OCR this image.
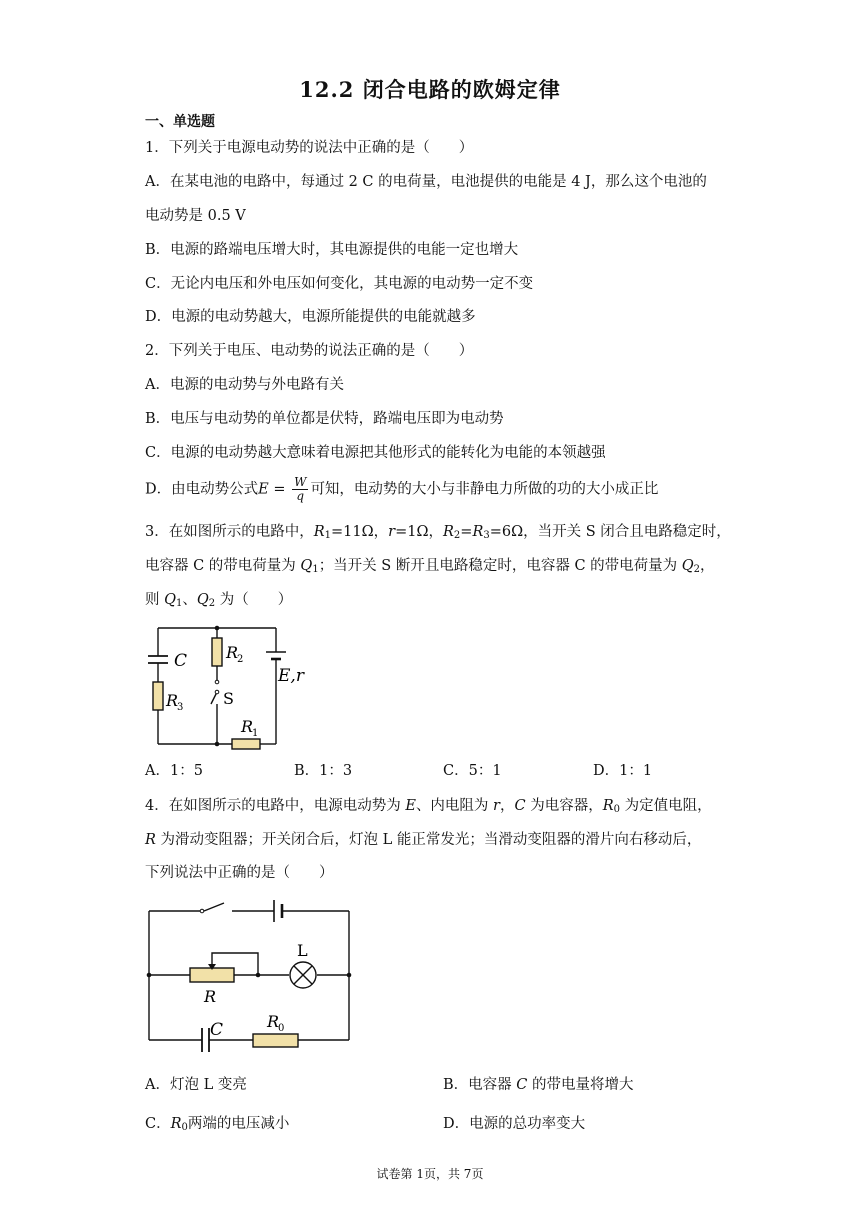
12.2 闭合电路的欧姆定律
一、单选题
1．下列关于电源电动势的说法中正确的是（　　）
A．在某电池的电路中，每通过 2 C 的电荷量，电池提供的电能是 4 J，那么这个电池的
电动势是 0.5 V
B．电源的路端电压增大时，其电源提供的电能一定也增大
C．无论内电压和外电压如何变化，其电源的电动势一定不变
D．电源的电动势越大，电源所能提供的电能就越多
2．下列关于电压、电动势的说法正确的是（　　）
A．电源的电动势与外电路有关
B．电压与电动势的单位都是伏特，路端电压即为电动势
C．电源的电动势越大意味着电源把其他形式的能转化为电能的本领越强
D．由电动势公式$E = \frac{W}{q}$ 可知，电动势的大小与非静电力所做的功的大小成正比
3．在如图所示的电路中，$R_1=11\Omega$，r=1Ω，$R_2=R_3=6\Omega$，当开关 S 闭合且电路稳定时，
电容器 C 的带电荷量为 $Q_1$；当开关 S 断开且电路稳定时，电容器 C 的带电荷量为 $Q_2$，
则 $Q_1$、$Q_2$ 为（　　）
C R
2
E,r
R
3 S
R
1
A．1：5	B．1：3	C．5：1	D．1：1
4．在如图所示的电路中，电源电动势为 E、内电阻为 r，C 为电容器，$R_0$ 为定值电阻，
R 为滑动变阻器；开关闭合后，灯泡 L 能正常发光；当滑动变阻器的滑片向右移动后，
下列说法中正确的是（　　）
L
R
C	R
0
A．灯泡 L 变亮	B．电容器 C 的带电量将增大
C．$R_0$两端的电压减小	D．电源的总功率变大
试卷第 1页，共 7页
